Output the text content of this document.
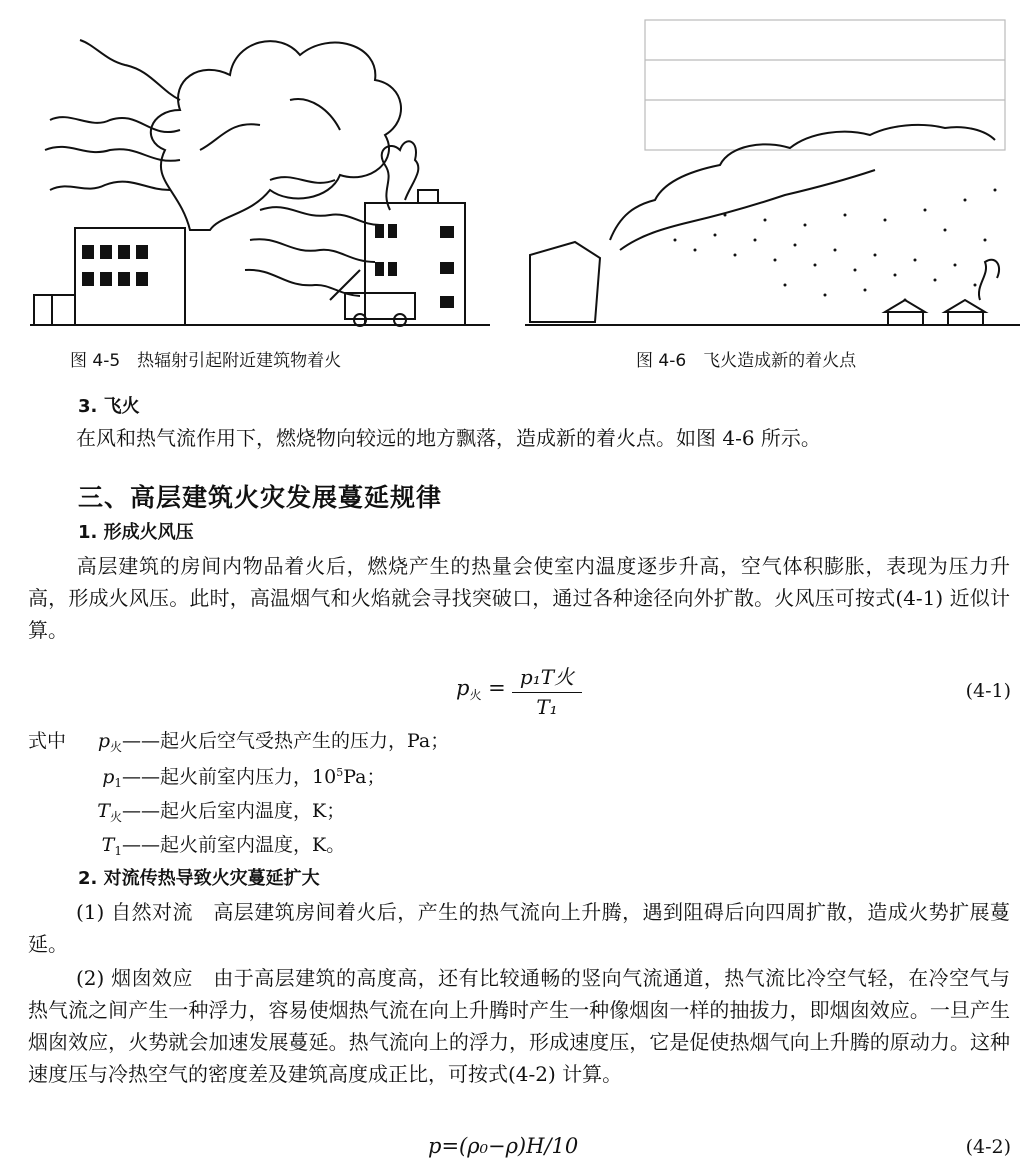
图 4-5　热辐射引起附近建筑物着火	图 4-6　飞火造成新的着火点
3. 飞火
在风和热气流作用下，燃烧物向较远的地方飘落，造成新的着火点。如图 4-6 所示。
三、高层建筑火灾发展蔓延规律
1. 形成火风压
高层建筑的房间内物品着火后，燃烧产生的热量会使室内温度逐步升高，空气体积膨胀，表现为压力升高，形成火风压。此时，高温烟气和火焰就会寻找突破口，通过各种途径向外扩散。火风压可按式(4-1) 近似计算。
$p_火 = p_1T$火
T₁
(4-1)
式中	$p_火——$起火后空气受热产生的压力，Pa；
$p_1——$起火前室内压力，$10^5Pa$；
$T_火——$起火后室内温度，K；
$T_1——$起火前室内温度，K。
2. 对流传热导致火灾蔓延扩大
(1) 自然对流　高层建筑房间着火后，产生的热气流向上升腾，遇到阻碍后向四周扩散，造成火势扩展蔓延。
(2) 烟囱效应　由于高层建筑的高度高，还有比较通畅的竖向气流通道，热气流比冷空气轻，在冷空气与热气流之间产生一种浮力，容易使烟热气流在向上升腾时产生一种像烟囱一样的抽拔力，即烟囱效应。一旦产生烟囱效应，火势就会加速发展蔓延。热气流向上的浮力，形成速度压，它是促使热烟气向上升腾的原动力。这种速度压与冷热空气的密度差及建筑高度成正比，可按式(4-2) 计算。
p=(ρ₀−ρ)H/10	(4-2)
